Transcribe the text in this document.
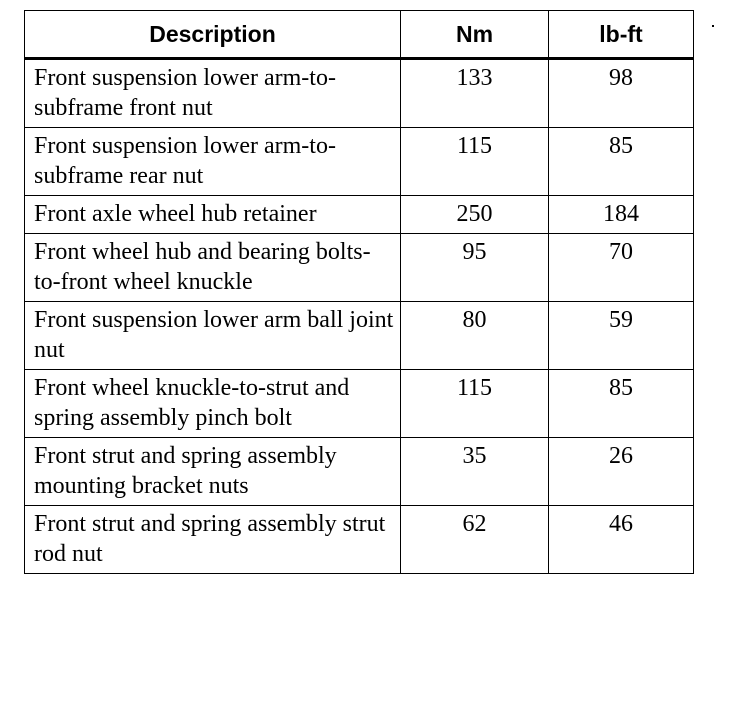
Description	Nm	lb-ft
Front suspension lower arm-to-subframe front nut	133	98
Front suspension lower arm-to-subframe rear nut	115	85
Front axle wheel hub retainer	250	184
Front wheel hub and bearing bolts-to-front wheel knuckle	95	70
Front suspension lower arm ball joint nut	80	59
Front wheel knuckle-to-strut and spring assembly pinch bolt	115	85
Front strut and spring assembly mounting bracket nuts	35	26
Front strut and spring assembly strut rod nut	62	46
